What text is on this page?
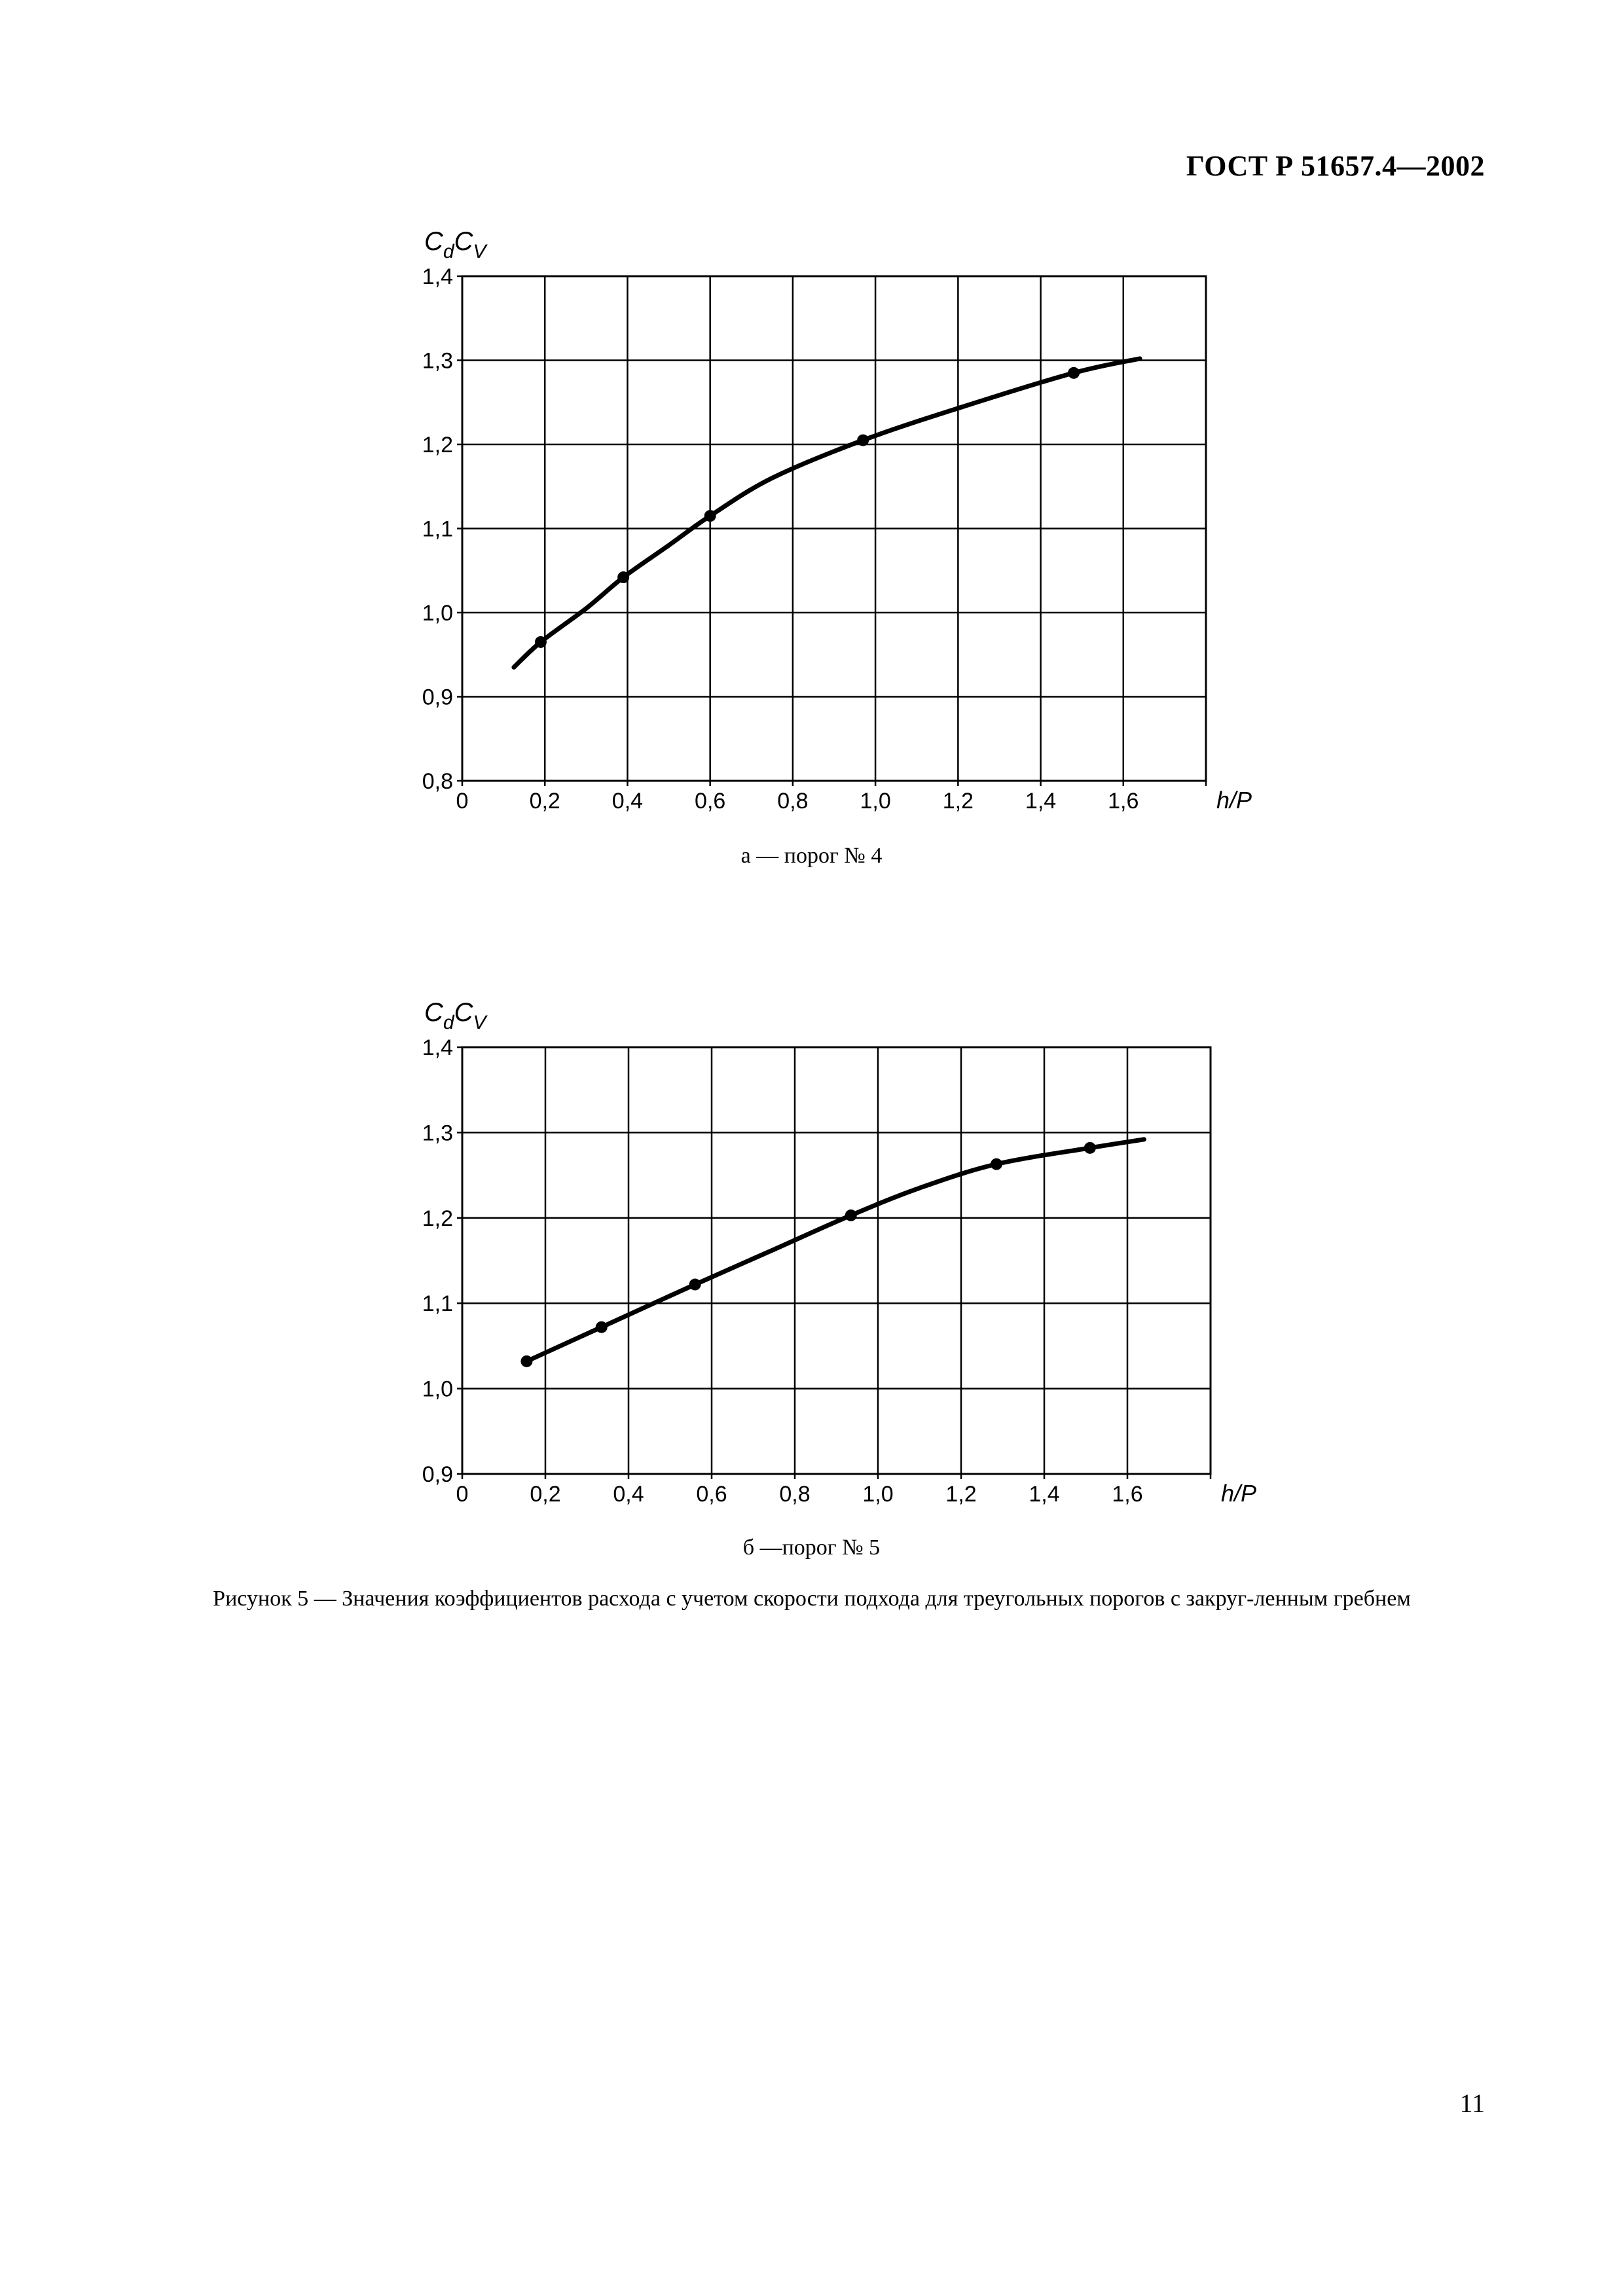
ГОСТ Р 51657.4—2002
0,8
0,9
1,0
1,1
1,2
1,3
1,4
0	0,2 0,4 0,6 0,8 1,0 1,2 1,4 1,6
$C_dC_V$
h/P
а — порог № 4
0,9
1,0
1,1
1,2
1,3
1,4
0	0,2 0,4 0,6 0,8 1,0 1,2 1,4 1,6
$C_dC_V$
h/P
б —порог № 5
Рисунок 5 — Значения коэффициентов расхода с учетом скорости подхода для треугольных порогов с закруг-ленным гребнем
11
